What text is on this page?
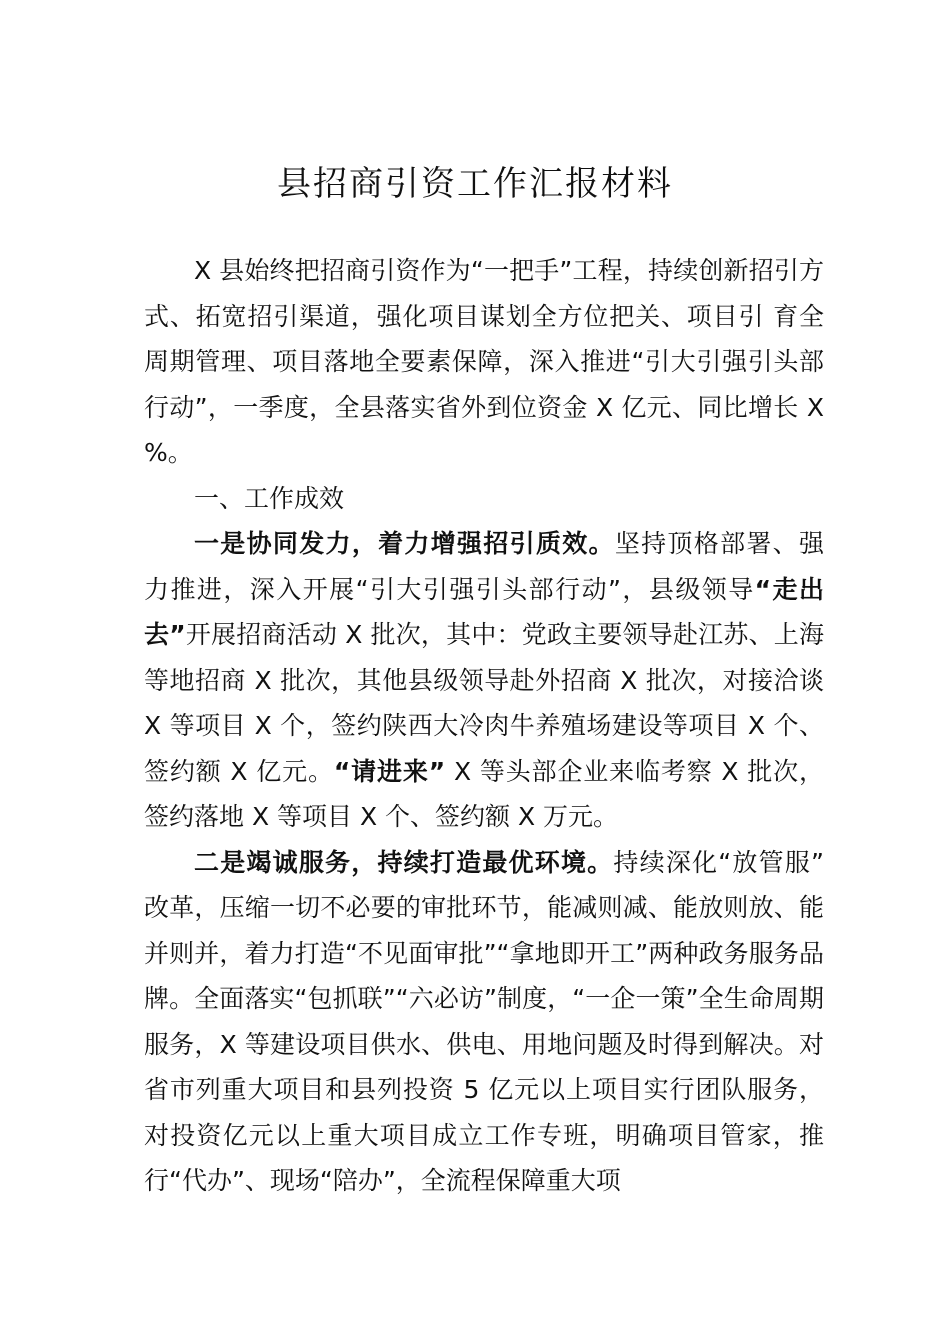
县招商引资工作汇报材料

X 县始终把招商引资作为“一把手”工程，持续创新招引方式、拓宽招引渠道，强化项目谋划全方位把关、项目引 育全周期管理、项目落地全要素保障，深入推进“引大引强引头部行动”，一季度，全县落实省外到位资金 X 亿元、同比增长 X %。

一、工作成效

一是协同发力，着力增强招引质效。坚持顶格部署、强 力推进，深入开展“引大引强引头部行动”，县级领导“走出去”开展招商活动 X 批次，其中：党政主要领导赴江苏、上海等地招商 X 批次，其他县级领导赴外招商 X 批次，对接洽谈 X 等项目 X 个，签约陕西大冷肉牛养殖场建设等项目 X 个、签约额 X 亿元。“请进来” X 等头部企业来临考察 X 批次，签约落地 X 等项目 X 个、签约额 X 万元。

二是竭诚服务，持续打造最优环境。持续深化“放管服” 改革，压缩一切不必要的审批环节，能减则减、能放则放、能并则并，着力打造“不见面审批”“拿地即开工”两种政务服务品牌。全面落实“包抓联”“六必访”制度，“一企一策”全生命周期服务，X 等建设项目供水、供电、用地问题及时得到解决。对省市列重大项目和县列投资 5 亿元以上项目实行团队服务，对投资亿元以上重大项目成立工作专班，明确项目管家，推行“代办”、现场“陪办”，全流程保障重大项
